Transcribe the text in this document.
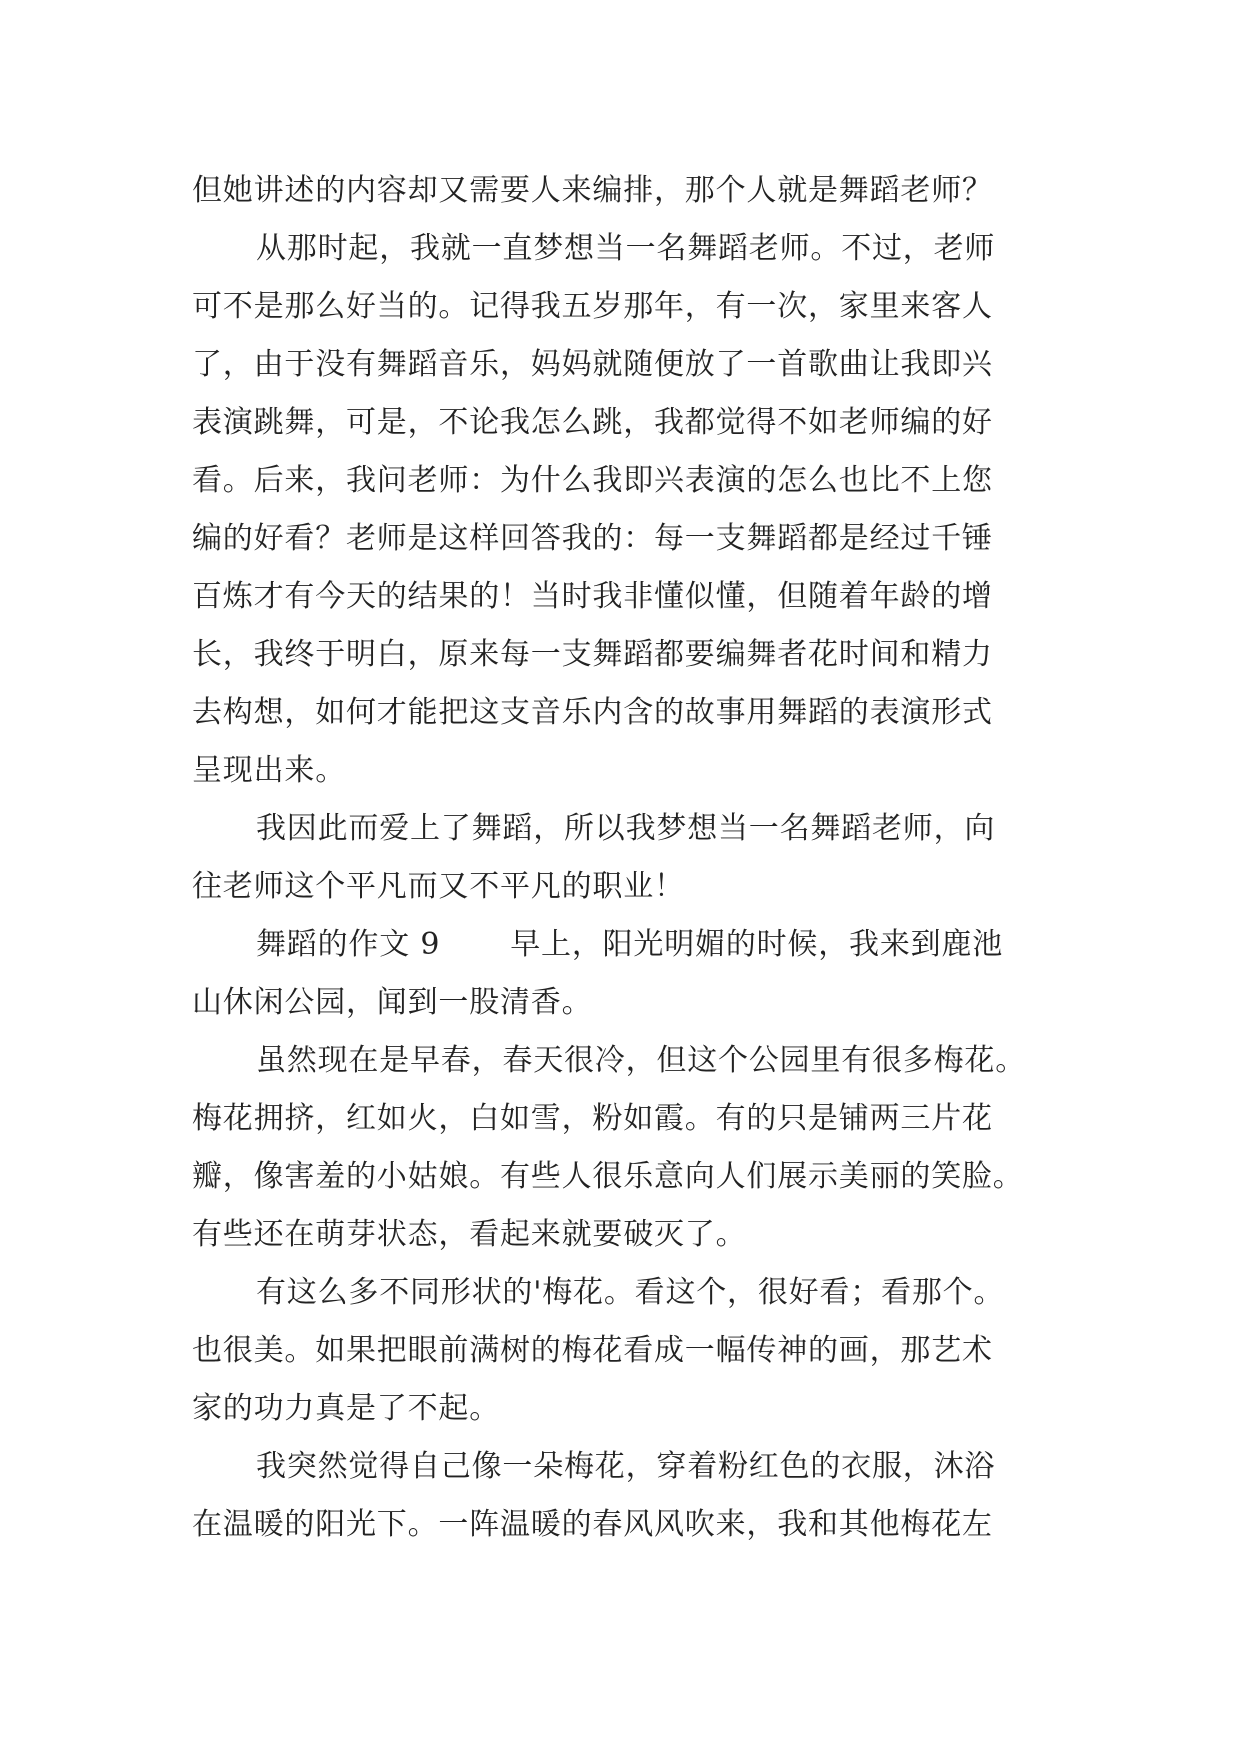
但她讲述的内容却又需要人来编排，那个人就是舞蹈老师？
从那时起，我就一直梦想当一名舞蹈老师。不过，老师
可不是那么好当的。记得我五岁那年，有一次，家里来客人
了，由于没有舞蹈音乐，妈妈就随便放了一首歌曲让我即兴
表演跳舞，可是，不论我怎么跳，我都觉得不如老师编的好
看。后来，我问老师：为什么我即兴表演的怎么也比不上您
编的好看？老师是这样回答我的：每一支舞蹈都是经过千锤
百炼才有今天的结果的！当时我非懂似懂，但随着年龄的增
长，我终于明白，原来每一支舞蹈都要编舞者花时间和精力
去构想，如何才能把这支音乐内含的故事用舞蹈的表演形式
呈现出来。
我因此而爱上了舞蹈，所以我梦想当一名舞蹈老师，向
往老师这个平凡而又不平凡的职业！
舞蹈的作文 9 早上，阳光明媚的时候，我来到鹿池
山休闲公园，闻到一股清香。
虽然现在是早春，春天很冷，但这个公园里有很多梅花。
梅花拥挤，红如火，白如雪，粉如霞。有的只是铺两三片花
瓣，像害羞的小姑娘。有些人很乐意向人们展示美丽的笑脸。
有些还在萌芽状态，看起来就要破灭了。
有这么多不同形状的'梅花。看这个，很好看；看那个。
也很美。如果把眼前满树的梅花看成一幅传神的画，那艺术
家的功力真是了不起。
我突然觉得自己像一朵梅花，穿着粉红色的衣服，沐浴
在温暖的阳光下。一阵温暖的春风风吹来，我和其他梅花左
